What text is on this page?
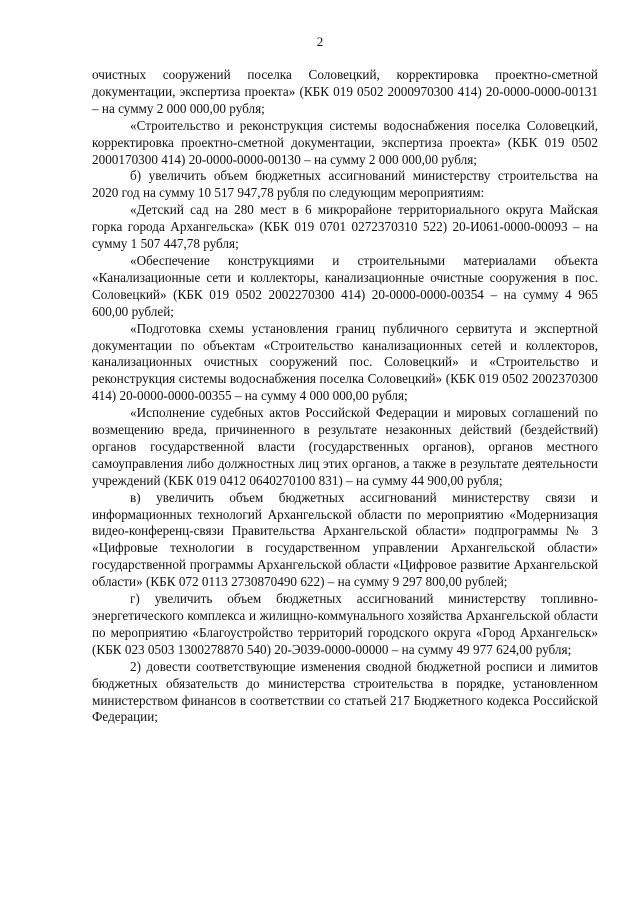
2

очистных сооружений поселка Соловецкий, корректировка проектно-сметной документации, экспертиза проекта» (КБК 019 0502 2000970300 414) 20-0000-0000-00131 – на сумму 2 000 000,00 рубля;

«Строительство и реконструкция системы водоснабжения поселка Соловецкий, корректировка проектно-сметной документации, экспертиза проекта» (КБК 019 0502 2000170300 414) 20-0000-0000-00130 – на сумму 2 000 000,00 рубля;

б) увеличить объем бюджетных ассигнований министерству строительства на 2020 год на сумму 10 517 947,78 рубля по следующим мероприятиям:

«Детский сад на 280 мест в 6 микрорайоне территориального округа Майская горка города Архангельска» (КБК 019 0701 0272370310 522) 20-И061-0000-00093 – на сумму 1 507 447,78 рубля;

«Обеспечение конструкциями и строительными материалами объекта «Канализационные сети и коллекторы, канализационные очистные сооружения в пос. Соловецкий» (КБК 019 0502 2002270300 414) 20-0000-0000-00354 – на сумму 4 965 600,00 рублей;

«Подготовка схемы установления границ публичного сервитута и экспертной документации по объектам «Строительство канализационных сетей и коллекторов, канализационных очистных сооружений пос. Соловецкий» и «Строительство и реконструкция системы водоснабжения поселка Соловецкий» (КБК 019 0502 2002370300 414) 20-0000-0000-00355 – на сумму 4 000 000,00 рубля;

«Исполнение судебных актов Российской Федерации и мировых соглашений по возмещению вреда, причиненного в результате незаконных действий (бездействий) органов государственной власти (государственных органов), органов местного самоуправления либо должностных лиц этих органов, а также в результате деятельности учреждений (КБК 019 0412 0640270100 831) – на сумму 44 900,00 рубля;

в) увеличить объем бюджетных ассигнований министерству связи и информационных технологий Архангельской области по мероприятию «Модернизация видео-конференц-связи Правительства Архангельской области» подпрограммы № 3 «Цифровые технологии в государственном управлении Архангельской области» государственной программы Архангельской области «Цифровое развитие Архангельской области» (КБК 072 0113 2730870490 622) – на сумму 9 297 800,00 рублей;

г) увеличить объем бюджетных ассигнований министерству топливно-энергетического комплекса и жилищно-коммунального хозяйства Архангельской области по мероприятию «Благоустройство территорий городского округа «Город Архангельск» (КБК 023 0503 1300278870 540) 20-Э039-0000-00000 – на сумму 49 977 624,00 рубля;

2) довести соответствующие изменения сводной бюджетной росписи и лимитов бюджетных обязательств до министерства строительства в порядке, установленном министерством финансов в соответствии со статьей 217 Бюджетного кодекса Российской Федерации;
